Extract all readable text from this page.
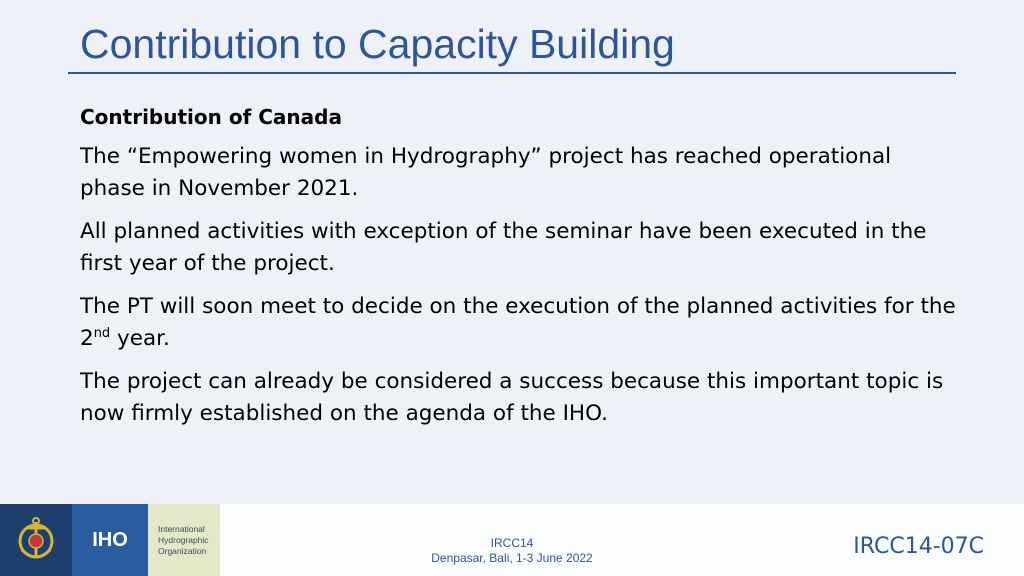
Contribution to Capacity Building

Contribution of Canada

The “Empowering women in Hydrography” project has reached operational phase in November 2021.

All planned activities with exception of the seminar have been executed in the first year of the project.

The PT will soon meet to decide on the execution of the planned activities for the 2nd year.

The project can already be considered a success because this important topic is now firmly established on the agenda of the IHO.

IHO	International
Hydrographic
Organization
IRCC14
Denpasar, Bali, 1-3 June 2022	IRCC14-07C
